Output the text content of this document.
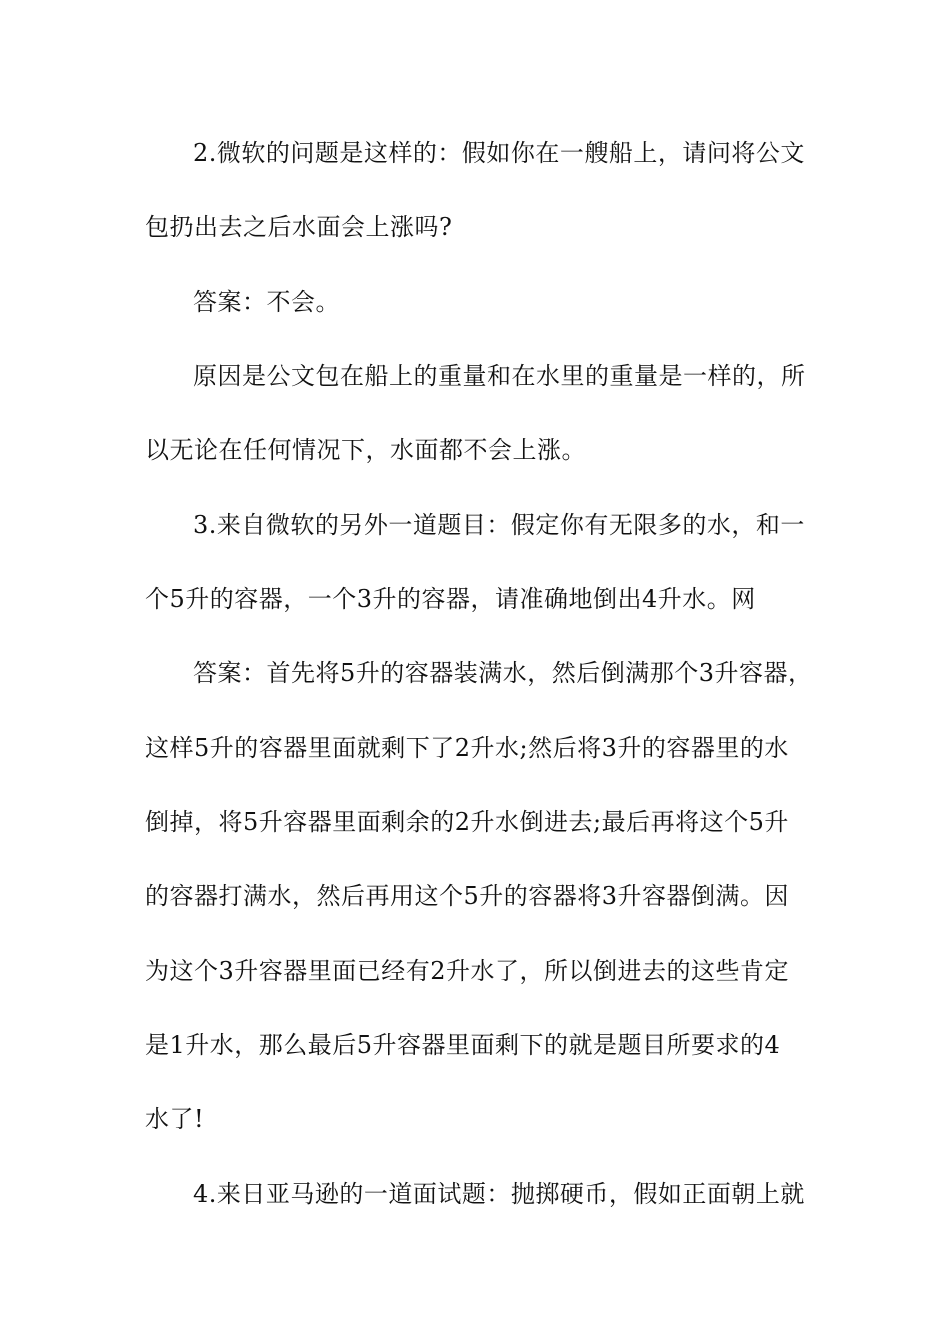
2.微软的问题是这样的：假如你在一艘船上，请问将公文
包扔出去之后水面会上涨吗?
答案：不会。
原因是公文包在船上的重量和在水里的重量是一样的，所
以无论在任何情况下，水面都不会上涨。
3.来自微软的另外一道题目：假定你有无限多的水，和一
个5升的容器，一个3升的容器，请准确地倒出4升水。网
答案：首先将5升的容器装满水，然后倒满那个3升容器，
这样5升的容器里面就剩下了2升水;然后将3升的容器里的水
倒掉，将5升容器里面剩余的2升水倒进去;最后再将这个5升
的容器打满水，然后再用这个5升的容器将3升容器倒满。因
为这个3升容器里面已经有2升水了，所以倒进去的这些肯定
是1升水，那么最后5升容器里面剩下的就是题目所要求的4
水了!
4.来日亚马逊的一道面试题：抛掷硬币，假如正面朝上就
